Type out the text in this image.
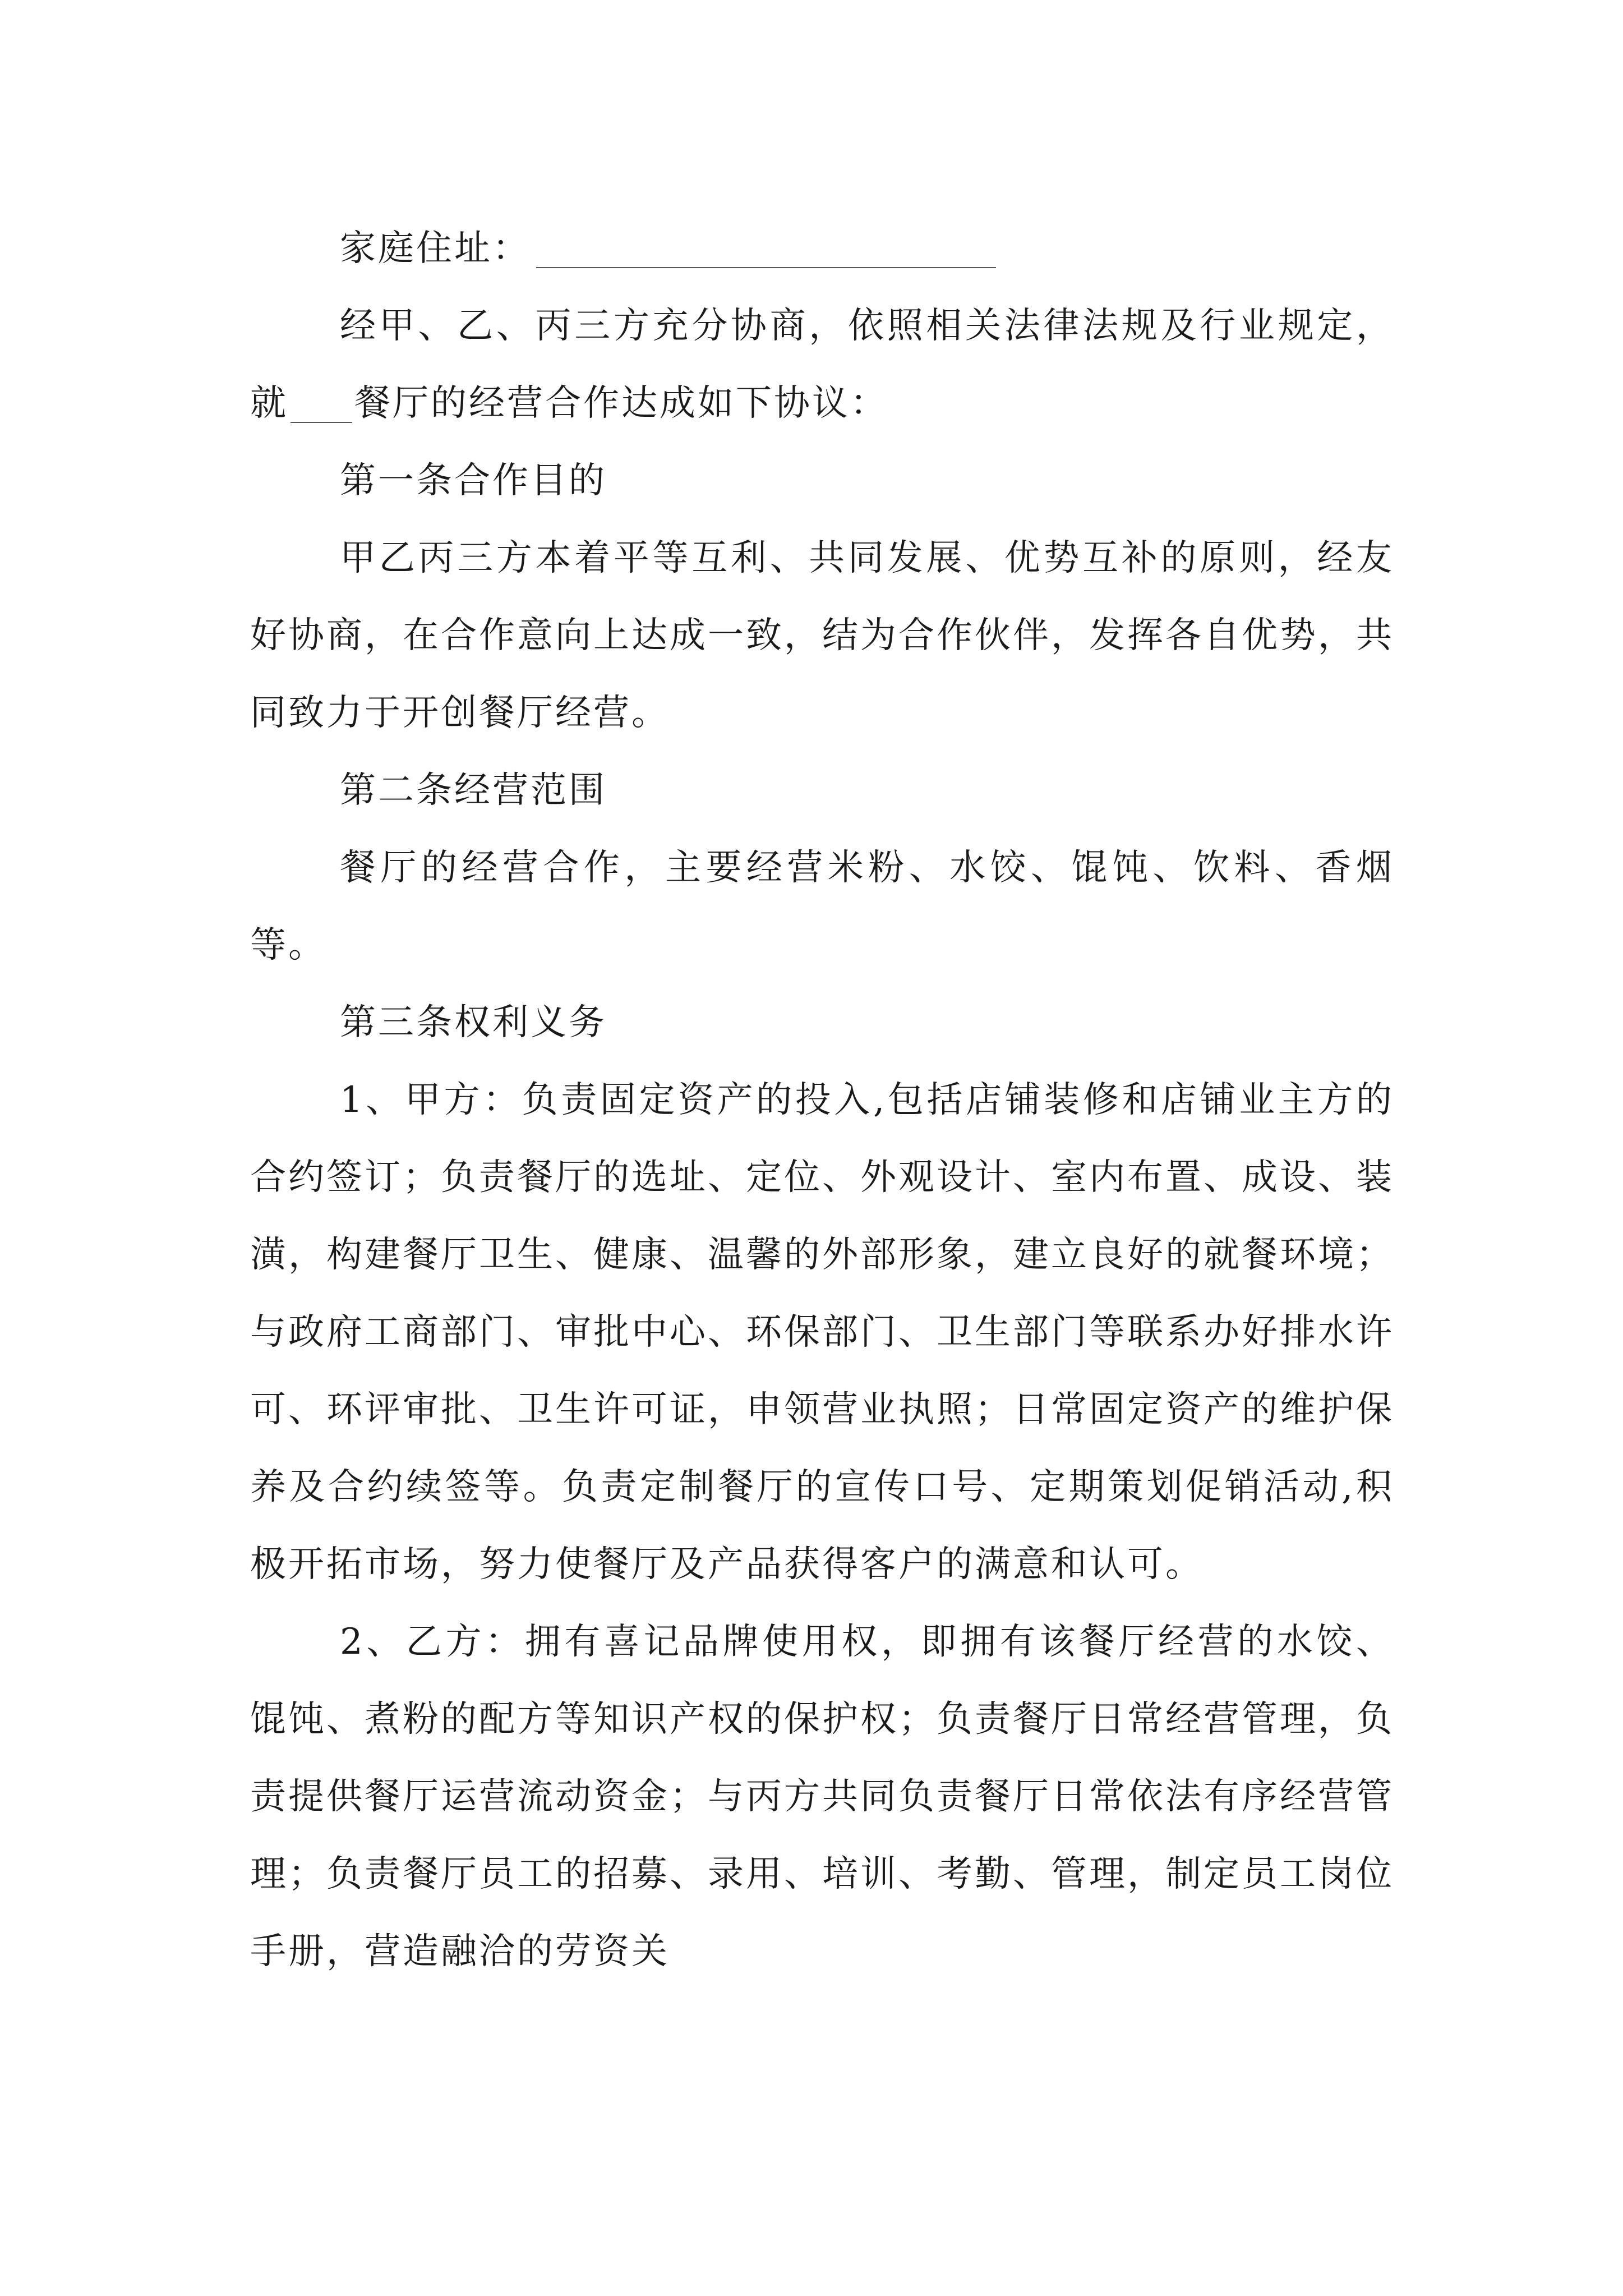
家庭住址：

经甲、乙、丙三方充分协商，依照相关法律法规及行业规定，就 餐厅的经营合作达成如下协议：

第一条合作目的

甲乙丙三方本着平等互利、共同发展、优势互补的原则，经友好协商，在合作意向上达成一致，结为合作伙伴，发挥各自优势，共同致力于开创餐厅经营。

第二条经营范围

餐厅的经营合作，主要经营米粉、水饺、馄饨、饮料、香烟等。

第三条权利义务

1、甲方：负责固定资产的投入,包括店铺装修和店铺业主方的合约签订；负责餐厅的选址、定位、外观设计、室内布置、成设、装潢，构建餐厅卫生、健康、温馨的外部形象，建立良好的就餐环境；与政府工商部门、审批中心、环保部门、卫生部门等联系办好排水许可、环评审批、卫生许可证，申领营业执照；日常固定资产的维护保养及合约续签等。负责定制餐厅的宣传口号、定期策划促销活动,积极开拓市场，努力使餐厅及产品获得客户的满意和认可。

2、乙方：拥有喜记品牌使用权，即拥有该餐厅经营的水饺、馄饨、煮粉的配方等知识产权的保护权；负责餐厅日常经营管理，负责提供餐厅运营流动资金；与丙方共同负责餐厅日常依法有序经营管理；负责餐厅员工的招募、录用、培训、考勤、管理，制定员工岗位手册，营造融洽的劳资关
